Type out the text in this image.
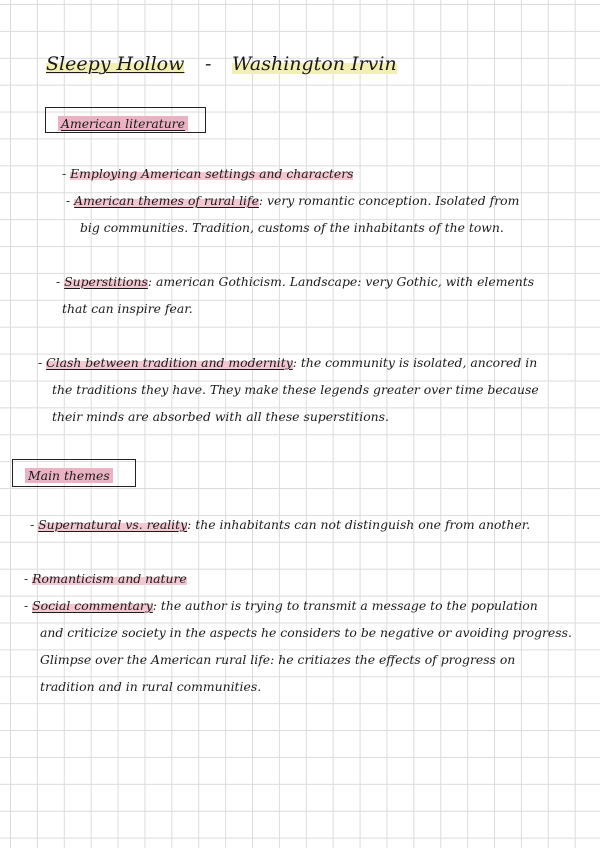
Sleepy Hollow - Washington Irvin
American literature
- Employing American settings and characters
- American themes of rural life: very romantic conception. Isolated from
big communities. Tradition, customs of the inhabitants of the town.
- Superstitions: american Gothicism. Landscape: very Gothic, with elements
that can inspire fear.
- Clash between tradition and modernity: the community is isolated, ancored in
the traditions they have. They make these legends greater over time because
their minds are absorbed with all these superstitions.
Main themes
- Supernatural vs. reality: the inhabitants can not distinguish one from another.
- Romanticism and nature
- Social commentary: the author is trying to transmit a message to the population
and criticize society in the aspects he considers to be negative or avoiding progress.
Glimpse over the American rural life: he critiazes the effects of progress on
tradition and in rural communities.
